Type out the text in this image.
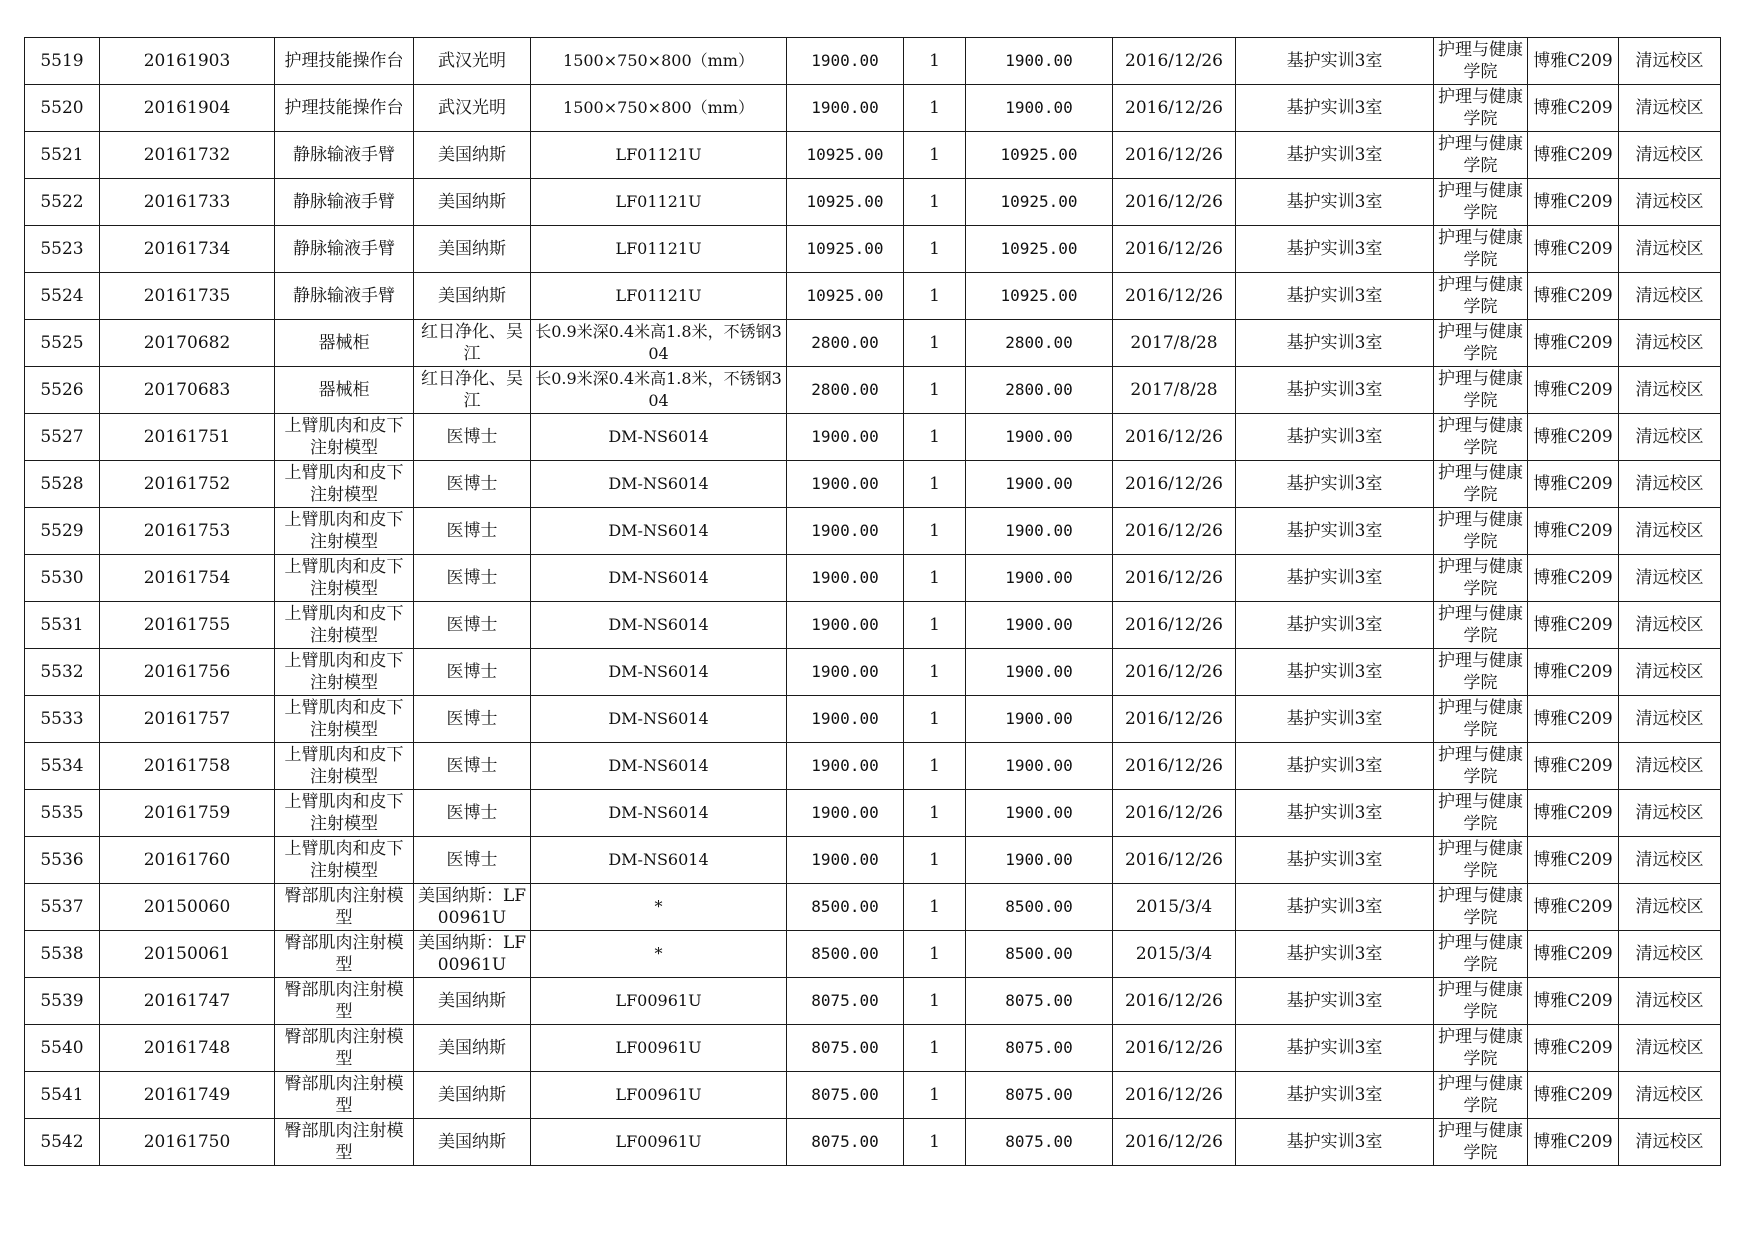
5519	20161903	护理技能操作台	武汉光明	1500×750×800（mm）	1900.00	1	1900.00	2016/12/26	基护实训3室	护理与健康学院	博雅C209	清远校区
5520	20161904	护理技能操作台	武汉光明	1500×750×800（mm）	1900.00	1	1900.00	2016/12/26	基护实训3室	护理与健康学院	博雅C209	清远校区
5521	20161732	静脉输液手臂	美国纳斯	LF01121U	10925.00	1	10925.00	2016/12/26	基护实训3室	护理与健康学院	博雅C209	清远校区
5522	20161733	静脉输液手臂	美国纳斯	LF01121U	10925.00	1	10925.00	2016/12/26	基护实训3室	护理与健康学院	博雅C209	清远校区
5523	20161734	静脉输液手臂	美国纳斯	LF01121U	10925.00	1	10925.00	2016/12/26	基护实训3室	护理与健康学院	博雅C209	清远校区
5524	20161735	静脉输液手臂	美国纳斯	LF01121U	10925.00	1	10925.00	2016/12/26	基护实训3室	护理与健康学院	博雅C209	清远校区
5525	20170682	器械柜	红日净化、吴江	长0.9米深0.4米高1.8米，不锈钢304	2800.00	1	2800.00	2017/8/28	基护实训3室	护理与健康学院	博雅C209	清远校区
5526	20170683	器械柜	红日净化、吴江	长0.9米深0.4米高1.8米，不锈钢304	2800.00	1	2800.00	2017/8/28	基护实训3室	护理与健康学院	博雅C209	清远校区
5527	20161751	上臂肌肉和皮下注射模型	医博士	DM-NS6014	1900.00	1	1900.00	2016/12/26	基护实训3室	护理与健康学院	博雅C209	清远校区
5528	20161752	上臂肌肉和皮下注射模型	医博士	DM-NS6014	1900.00	1	1900.00	2016/12/26	基护实训3室	护理与健康学院	博雅C209	清远校区
5529	20161753	上臂肌肉和皮下注射模型	医博士	DM-NS6014	1900.00	1	1900.00	2016/12/26	基护实训3室	护理与健康学院	博雅C209	清远校区
5530	20161754	上臂肌肉和皮下注射模型	医博士	DM-NS6014	1900.00	1	1900.00	2016/12/26	基护实训3室	护理与健康学院	博雅C209	清远校区
5531	20161755	上臂肌肉和皮下注射模型	医博士	DM-NS6014	1900.00	1	1900.00	2016/12/26	基护实训3室	护理与健康学院	博雅C209	清远校区
5532	20161756	上臂肌肉和皮下注射模型	医博士	DM-NS6014	1900.00	1	1900.00	2016/12/26	基护实训3室	护理与健康学院	博雅C209	清远校区
5533	20161757	上臂肌肉和皮下注射模型	医博士	DM-NS6014	1900.00	1	1900.00	2016/12/26	基护实训3室	护理与健康学院	博雅C209	清远校区
5534	20161758	上臂肌肉和皮下注射模型	医博士	DM-NS6014	1900.00	1	1900.00	2016/12/26	基护实训3室	护理与健康学院	博雅C209	清远校区
5535	20161759	上臂肌肉和皮下注射模型	医博士	DM-NS6014	1900.00	1	1900.00	2016/12/26	基护实训3室	护理与健康学院	博雅C209	清远校区
5536	20161760	上臂肌肉和皮下注射模型	医博士	DM-NS6014	1900.00	1	1900.00	2016/12/26	基护实训3室	护理与健康学院	博雅C209	清远校区
5537	20150060	臀部肌肉注射模型	美国纳斯：LF00961U	*	8500.00	1	8500.00	2015/3/4	基护实训3室	护理与健康学院	博雅C209	清远校区
5538	20150061	臀部肌肉注射模型	美国纳斯：LF00961U	*	8500.00	1	8500.00	2015/3/4	基护实训3室	护理与健康学院	博雅C209	清远校区
5539	20161747	臀部肌肉注射模型	美国纳斯	LF00961U	8075.00	1	8075.00	2016/12/26	基护实训3室	护理与健康学院	博雅C209	清远校区
5540	20161748	臀部肌肉注射模型	美国纳斯	LF00961U	8075.00	1	8075.00	2016/12/26	基护实训3室	护理与健康学院	博雅C209	清远校区
5541	20161749	臀部肌肉注射模型	美国纳斯	LF00961U	8075.00	1	8075.00	2016/12/26	基护实训3室	护理与健康学院	博雅C209	清远校区
5542	20161750	臀部肌肉注射模型	美国纳斯	LF00961U	8075.00	1	8075.00	2016/12/26	基护实训3室	护理与健康学院	博雅C209	清远校区
